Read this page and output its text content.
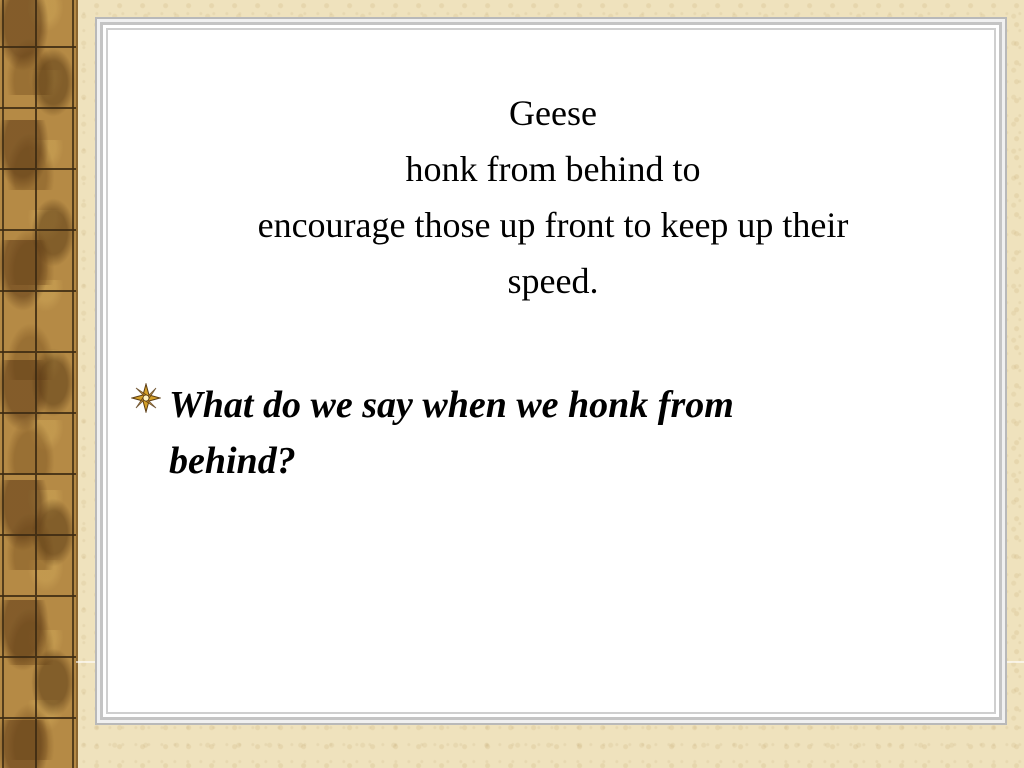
Geese
honk from behind to
encourage those up front to keep up their
speed.
What do we say when we honk from behind?
